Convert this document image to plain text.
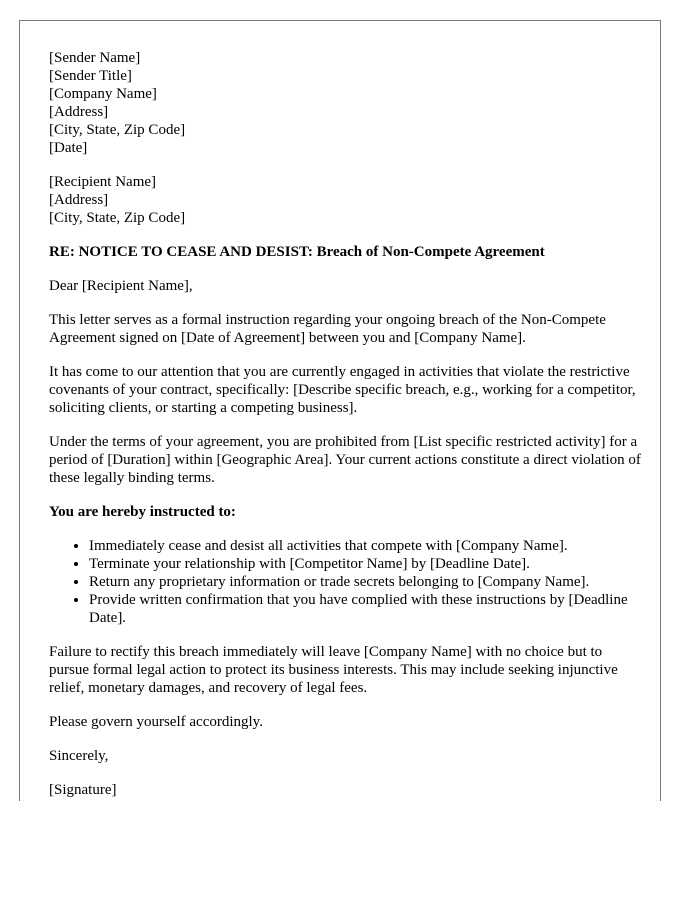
[Sender Name]
[Sender Title]
[Company Name]
[Address]
[City, State, Zip Code]
[Date]
[Recipient Name]
[Address]
[City, State, Zip Code]

RE: NOTICE TO CEASE AND DESIST: Breach of Non-Compete Agreement

Dear [Recipient Name],

This letter serves as a formal instruction regarding your ongoing breach of the Non-Compete Agreement signed on [Date of Agreement] between you and [Company Name].

It has come to our attention that you are currently engaged in activities that violate the restrictive covenants of your contract, specifically: [Describe specific breach, e.g., working for a competitor, soliciting clients, or starting a competing business].

Under the terms of your agreement, you are prohibited from [List specific restricted activity] for a period of [Duration] within [Geographic Area]. Your current actions constitute a direct violation of these legally binding terms.

You are hereby instructed to:

• Immediately cease and desist all activities that compete with [Company Name].
• Terminate your relationship with [Competitor Name] by [Deadline Date].
• Return any proprietary information or trade secrets belonging to [Company Name].
• Provide written confirmation that you have complied with these instructions by [Deadline Date].

Failure to rectify this breach immediately will leave [Company Name] with no choice but to pursue formal legal action to protect its business interests. This may include seeking injunctive relief, monetary damages, and recovery of legal fees.

Please govern yourself accordingly.

Sincerely,

[Signature]
